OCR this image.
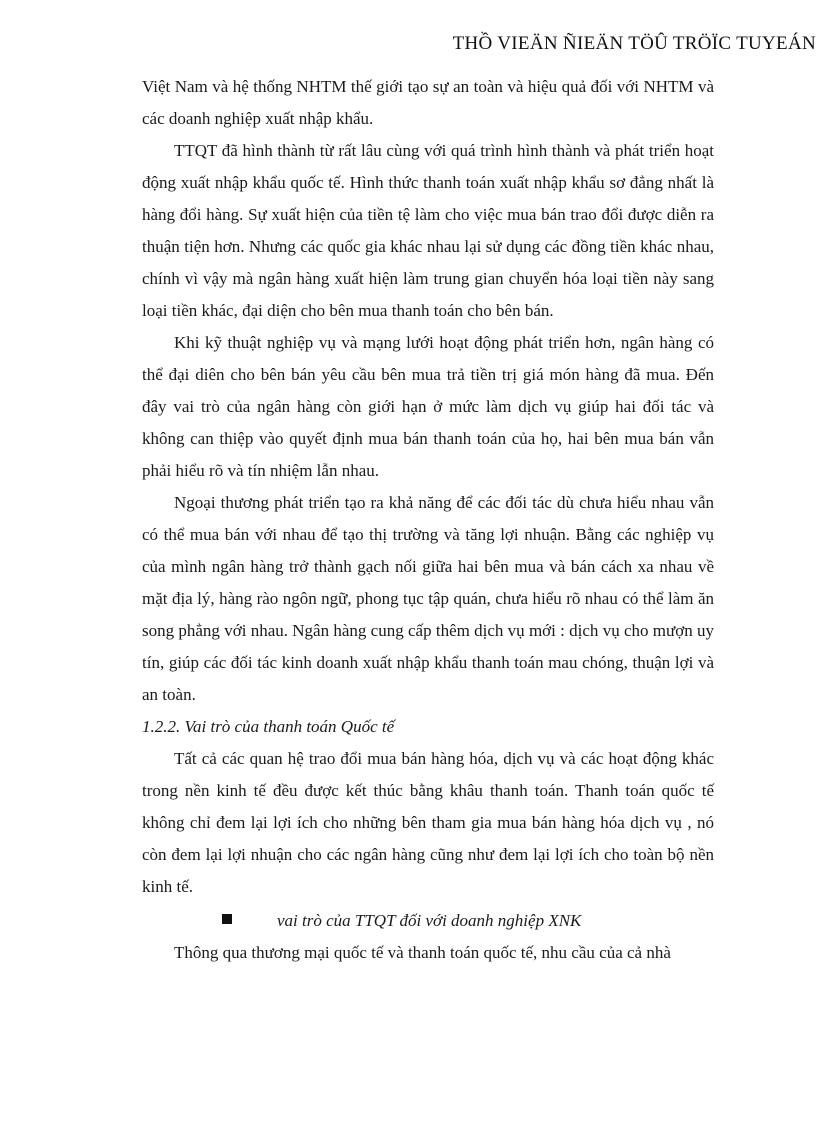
THỒ VIEÄN ÑIEÄN TÖÛ TRÖÏC TUYEÁN

Việt Nam và hệ thống NHTM thế giới tạo sự an toàn và hiệu quả đối với NHTM và các doanh nghiệp xuất nhập khẩu.

TTQT đã hình thành từ rất lâu cùng với quá trình hình thành và phát triển hoạt động xuất nhập khẩu quốc tế. Hình thức thanh toán xuất nhập khẩu sơ đẳng nhất là hàng đổi hàng. Sự xuất hiện của tiền tệ làm cho việc mua bán trao đổi được diễn ra thuận tiện hơn. Nhưng các quốc gia khác nhau lại sử dụng các đồng tiền khác nhau, chính vì vậy mà ngân hàng xuất hiện làm trung gian chuyển hóa loại tiền này sang loại tiền khác, đại diện cho bên mua thanh toán cho bên bán.

Khi kỹ thuật nghiệp vụ và mạng lưới hoạt động phát triển hơn, ngân hàng có thể đại diên cho bên bán yêu cầu bên mua trả tiền trị giá món hàng đã mua. Đến đây vai trò của ngân hàng còn giới hạn ở mức làm dịch vụ giúp hai đối tác và không can thiệp vào quyết định mua bán thanh toán của họ, hai bên mua bán vẫn phải hiểu rõ và tín nhiệm lẫn nhau.

Ngoại thương phát triển tạo ra khả năng để các đối tác dù chưa hiểu nhau vẫn có thể mua bán với nhau để tạo thị trường và tăng lợi nhuận. Bằng các nghiệp vụ của mình ngân hàng trở thành gạch nối giữa hai bên mua và bán cách xa nhau về mặt địa lý, hàng rào ngôn ngữ, phong tục tập quán, chưa hiểu rõ nhau có thể làm ăn song phẳng với nhau. Ngân hàng cung cấp thêm dịch vụ mới : dịch vụ cho mượn uy tín, giúp các đối tác kinh doanh xuất nhập khẩu thanh toán mau chóng, thuận lợi và an toàn.

1.2.2. Vai trò của thanh toán Quốc tế

Tất cả các quan hệ trao đổi mua bán hàng hóa, dịch vụ và các hoạt động khác trong nền kinh tế đều được kết thúc bằng khâu thanh toán. Thanh toán quốc tế không chỉ đem lại lợi ích cho những bên tham gia mua bán hàng hóa dịch vụ , nó còn đem lại lợi nhuận cho các ngân hàng cũng như đem lại lợi ích cho toàn bộ nền kinh tế.

vai trò của TTQT đối với doanh nghiệp XNK

Thông qua thương mại quốc tế và thanh toán quốc tế, nhu cầu của cả nhà
